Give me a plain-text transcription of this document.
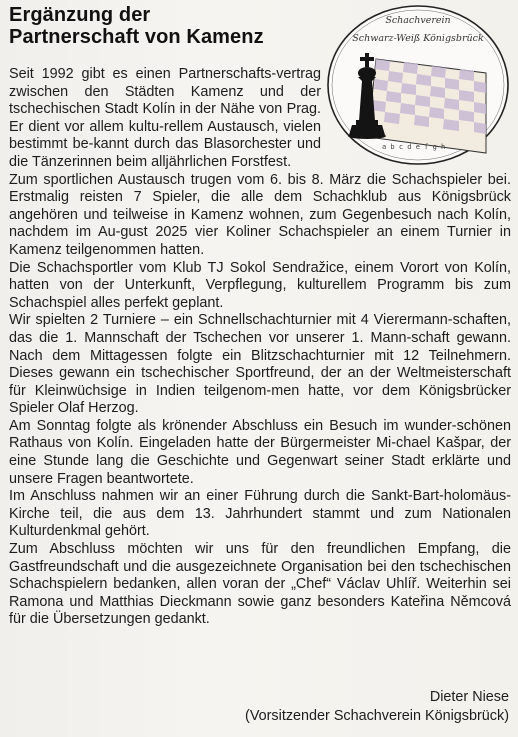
Ergänzung der
Partnerschaft von Kamenz
Schachverein
Schwarz-Weiß Königsbrück
a b c d e f g h

Seit 1992 gibt es einen Partnerschafts-vertrag zwischen den Städten Kamenz und der tschechischen Stadt Kolín in der Nähe von Prag. Er dient vor allem kultu-rellem Austausch, vielen bestimmt be-kannt durch das Blasorchester und die Tänzerinnen beim alljährlichen Forstfest.

Zum sportlichen Austausch trugen vom 6. bis 8. März die Schachspieler bei. Erstmalig reisten 7 Spieler, die alle dem Schachklub aus Königsbrück angehören und teilweise in Kamenz wohnen, zum Gegenbesuch nach Kolín, nachdem im Au-gust 2025 vier Koliner Schachspieler an einem Turnier in Kamenz teilgenommen hatten.

Die Schachsportler vom Klub TJ Sokol Sendražice, einem Vorort von Kolín, hatten von der Unterkunft, Verpflegung, kulturellem Programm bis zum Schachspiel alles perfekt geplant.

Wir spielten 2 Turniere – ein Schnellschachturnier mit 4 Vierermann-schaften, das die 1. Mannschaft der Tschechen vor unserer 1. Mann-schaft gewann. Nach dem Mittagessen folgte ein Blitzschachturnier mit 12 Teilnehmern. Dieses gewann ein tschechischer Sportfreund, der an der Weltmeisterschaft für Kleinwüchsige in Indien teilgenom-men hatte, vor dem Königsbrücker Spieler Olaf Herzog.

Am Sonntag folgte als krönender Abschluss ein Besuch im wunder-schönen Rathaus von Kolín. Eingeladen hatte der Bürgermeister Mi-chael Kašpar, der eine Stunde lang die Geschichte und Gegenwart seiner Stadt erklärte und unsere Fragen beantwortete.

Im Anschluss nahmen wir an einer Führung durch die Sankt-Bart-holomäus-Kirche teil, die aus dem 13. Jahrhundert stammt und zum Nationalen Kulturdenkmal gehört.

Zum Abschluss möchten wir uns für den freundlichen Empfang, die Gastfreundschaft und die ausgezeichnete Organisation bei den tschechischen Schachspielern bedanken, allen voran der „Chef“ Václav Uhlíř. Weiterhin sei Ramona und Matthias Dieckmann sowie ganz besonders Kateřina Němcová für die Übersetzungen gedankt.

Dieter Niese
(Vorsitzender Schachverein Königsbrück)
